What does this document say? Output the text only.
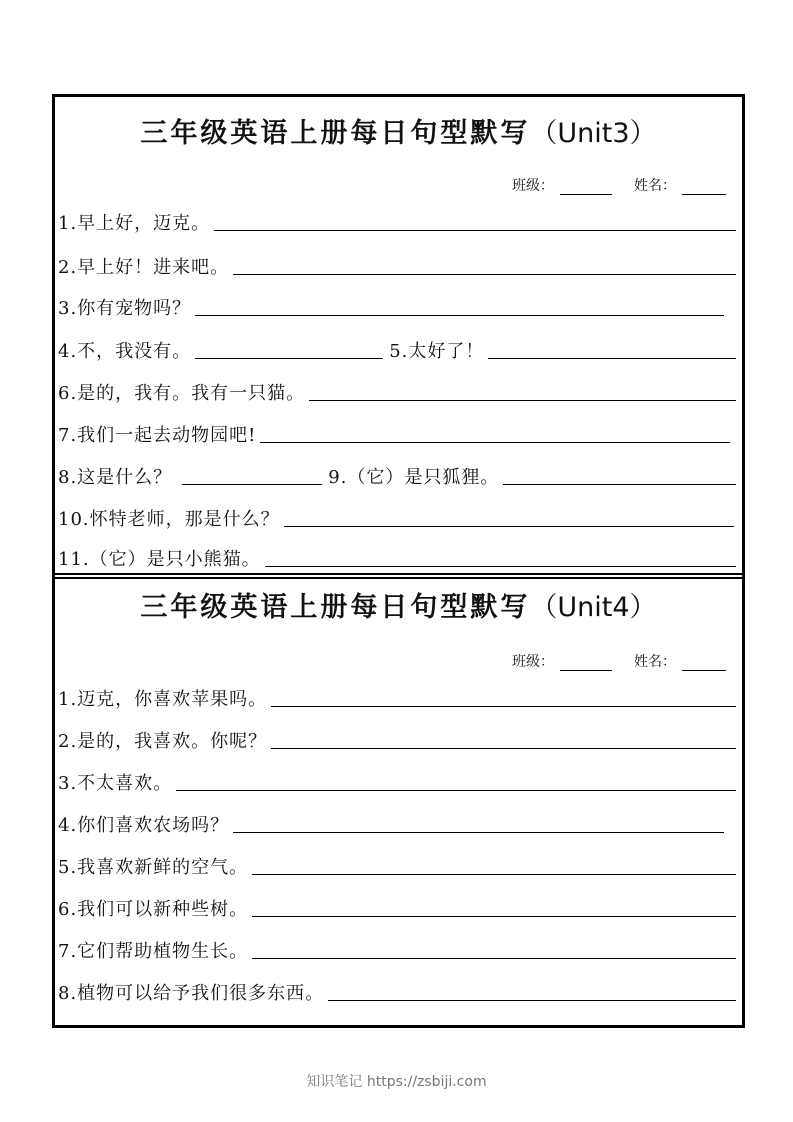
三年级英语上册每日句型默写（Unit3）
班级：	姓名：
1.早上好，迈克。
2.早上好！进来吧。
3.你有宠物吗？
4.不，我没有。	5.太好了！
6.是的，我有。我有一只猫。
7.我们一起去动物园吧!
8.这是什么？	9.（它）是只狐狸。
10.怀特老师，那是什么？
11.（它）是只小熊猫。
三年级英语上册每日句型默写（Unit4）
班级：	姓名：
1.迈克，你喜欢苹果吗。
2.是的，我喜欢。你呢？
3.不太喜欢。
4.你们喜欢农场吗？
5.我喜欢新鲜的空气。
6.我们可以新种些树。
7.它们帮助植物生长。
8.植物可以给予我们很多东西。
知识笔记 https://zsbiji.com
